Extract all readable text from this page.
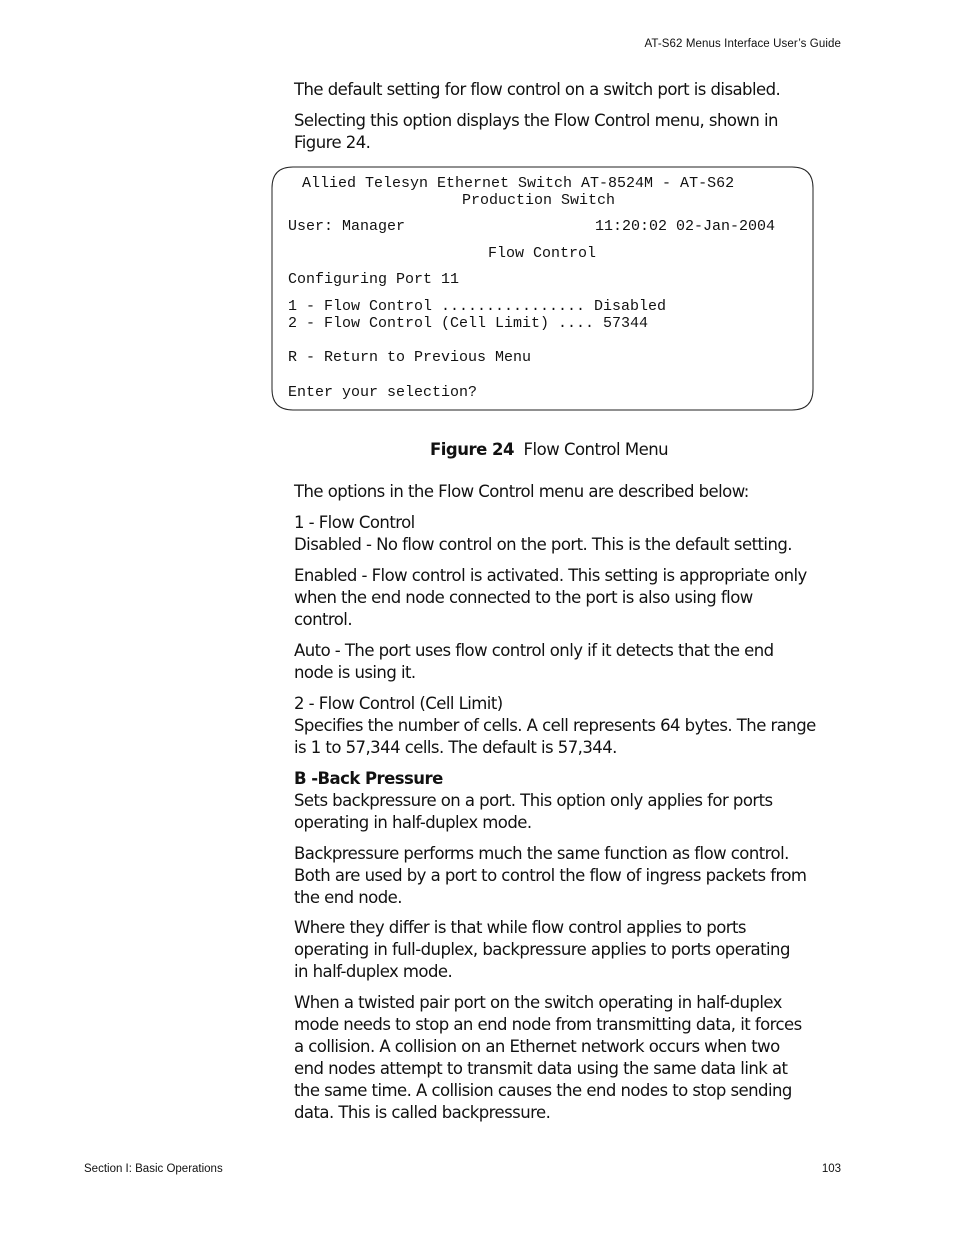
AT-S62 Menus Interface User’s Guide

The default setting for flow control on a switch port is disabled.

Selecting this option displays the Flow Control menu, shown in
Figure 24.

Allied Telesyn Ethernet Switch AT-8524M - AT-S62
Production Switch
User: Manager	11:20:02 02-Jan-2004
Flow Control
Configuring Port 11
1 - Flow Control ................ Disabled
2 - Flow Control (Cell Limit) .... 57344
R - Return to Previous Menu
Enter your selection?
Figure 24 Flow Control Menu

The options in the Flow Control menu are described below:

1 - Flow Control
Disabled - No flow control on the port. This is the default setting.

Enabled - Flow control is activated. This setting is appropriate only
when the end node connected to the port is also using flow
control.

Auto - The port uses flow control only if it detects that the end
node is using it.

2 - Flow Control (Cell Limit)
Specifies the number of cells. A cell represents 64 bytes. The range
is 1 to 57,344 cells. The default is 57,344.

B -Back Pressure
Sets backpressure on a port. This option only applies for ports
operating in half-duplex mode.

Backpressure performs much the same function as flow control.
Both are used by a port to control the flow of ingress packets from
the end node.

Where they differ is that while flow control applies to ports
operating in full-duplex, backpressure applies to ports operating
in half-duplex mode.

When a twisted pair port on the switch operating in half-duplex
mode needs to stop an end node from transmitting data, it forces
a collision. A collision on an Ethernet network occurs when two
end nodes attempt to transmit data using the same data link at
the same time. A collision causes the end nodes to stop sending
data. This is called backpressure.

Section I: Basic Operations	103
